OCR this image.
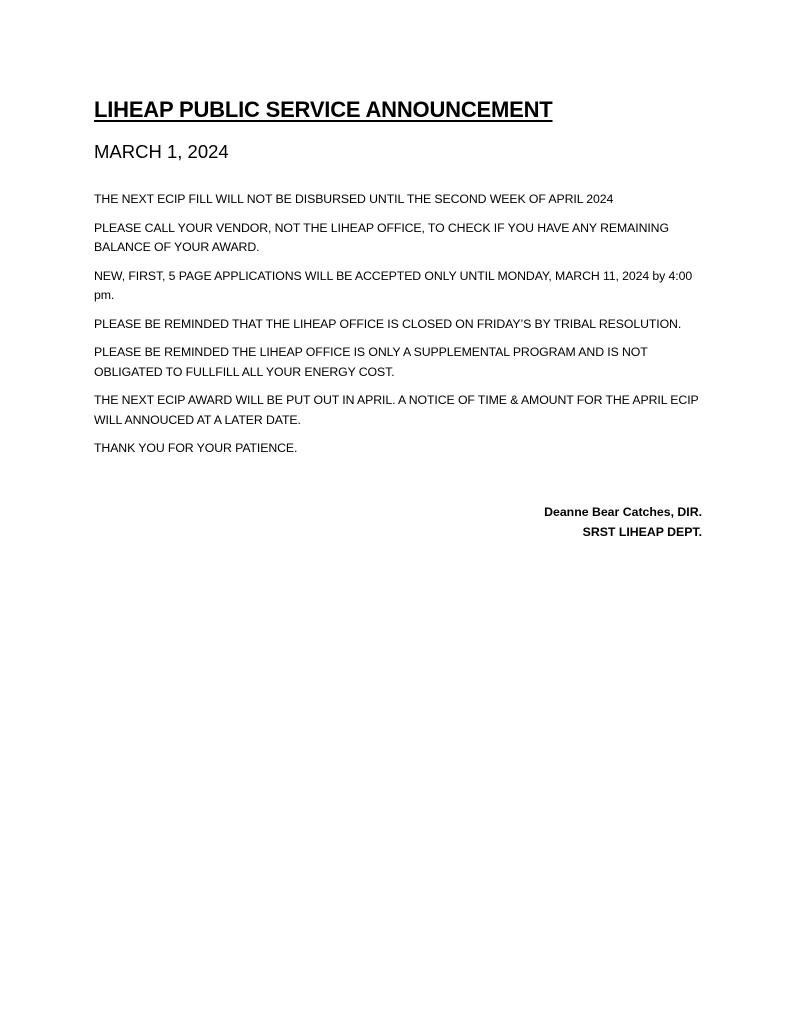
LIHEAP PUBLIC SERVICE ANNOUNCEMENT
MARCH 1, 2024

THE NEXT ECIP FILL WILL NOT BE DISBURSED UNTIL THE SECOND WEEK OF APRIL 2024

PLEASE CALL YOUR VENDOR, NOT THE LIHEAP OFFICE, TO CHECK IF YOU HAVE ANY REMAINING BALANCE OF YOUR AWARD.

NEW, FIRST, 5 PAGE APPLICATIONS WILL BE ACCEPTED ONLY UNTIL MONDAY, MARCH 11, 2024 by 4:00 pm.

PLEASE BE REMINDED THAT THE LIHEAP OFFICE IS CLOSED ON FRIDAY’S BY TRIBAL RESOLUTION.

PLEASE BE REMINDED THE LIHEAP OFFICE IS ONLY A SUPPLEMENTAL PROGRAM AND IS NOT OBLIGATED TO FULLFILL ALL YOUR ENERGY COST.

THE NEXT ECIP AWARD WILL BE PUT OUT IN APRIL. A NOTICE OF TIME & AMOUNT FOR THE APRIL ECIP WILL ANNOUCED AT A LATER DATE.

THANK YOU FOR YOUR PATIENCE.

Deanne Bear Catches, DIR.
SRST LIHEAP DEPT.
